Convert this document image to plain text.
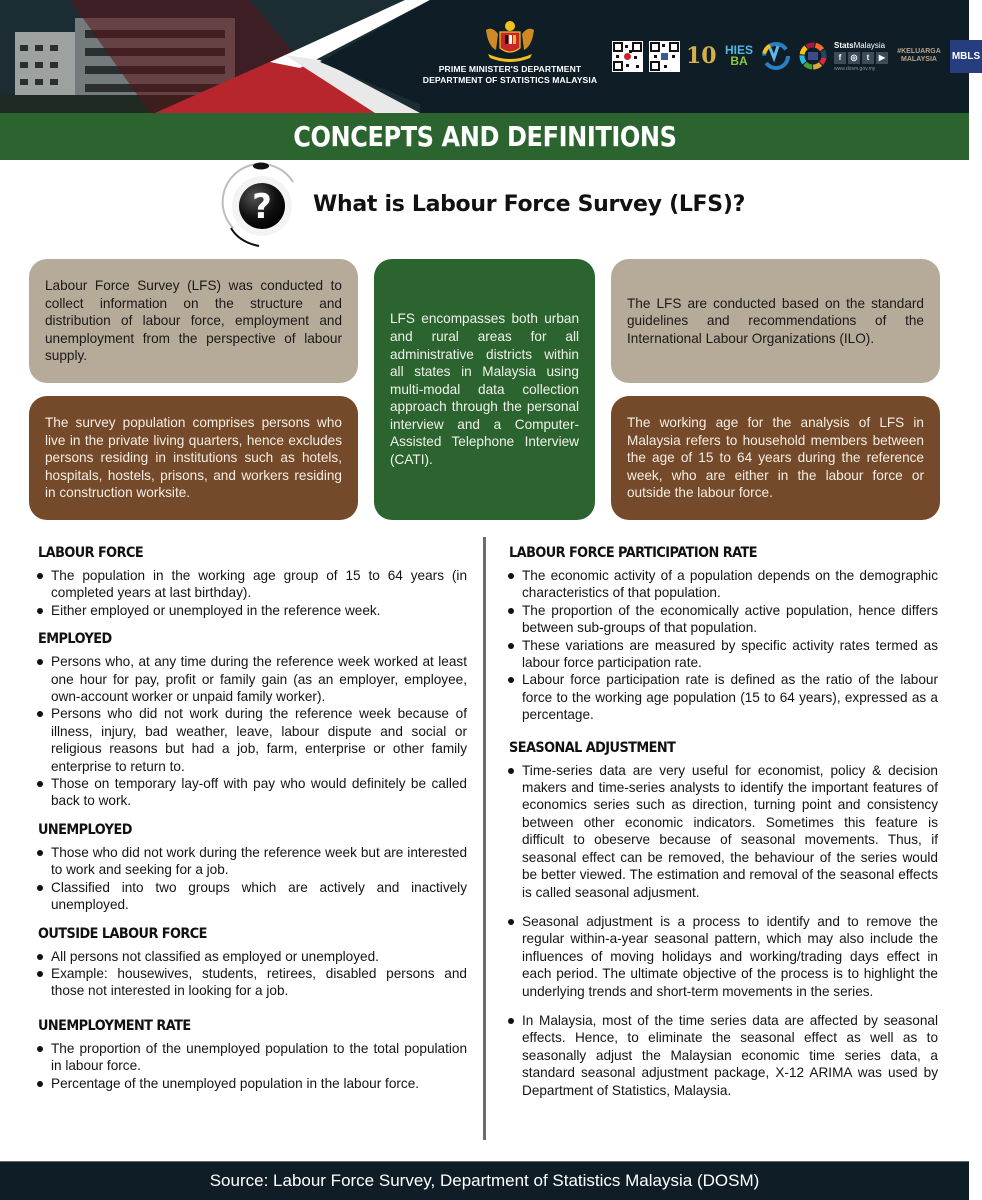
PRIME MINISTER'S DEPARTMENT
DEPARTMENT OF STATISTICS MALAYSIA
10 HIES
BA
StatsMalaysia
f	◎	t	▶
www.dosm.gov.my
#KELUARGA
MALAYSIA	MBLS
CONCEPTS AND DEFINITIONS
? What is Labour Force Survey (LFS)?

Labour Force Survey (LFS) was conducted to collect information on the structure and distribution of labour force, employment and unemployment from the perspective of labour supply.

The survey population comprises persons who live in the private living quarters, hence excludes persons residing in institutions such as hotels, hospitals, hostels, prisons, and workers residing in construction worksite.

LFS encompasses both urban and rural areas for all administrative districts within all states in Malaysia using multi-modal data collection approach through the personal interview and a Computer-Assisted Telephone Interview (CATI).

The LFS are conducted based on the standard guidelines and recommendations of the International Labour Organizations (ILO).

The working age for the analysis of LFS in Malaysia refers to household members between the age of 15 to 64 years during the reference week, who are either in the labour force or outside the labour force.

LABOUR FORCE
The population in the working age group of 15 to 64 years (in completed years at last birthday).
Either employed or unemployed in the reference week.
EMPLOYED
Persons who, at any time during the reference week worked at least one hour for pay, profit or family gain (as an employer, employee, own-account worker or unpaid family worker).
Persons who did not work during the reference week because of illness, injury, bad weather, leave, labour dispute and social or religious reasons but had a job, farm, enterprise or other family enterprise to return to.
Those on temporary lay-off with pay who would definitely be called back to work.
UNEMPLOYED
Those who did not work during the reference week but are interested to work and seeking for a job.
Classified into two groups which are actively and inactively unemployed.
OUTSIDE LABOUR FORCE
All persons not classified as employed or unemployed.
Example: housewives, students, retirees, disabled persons and those not interested in looking for a job.
UNEMPLOYMENT RATE
The proportion of the unemployed population to the total population in labour force.
Percentage of the unemployed population in the labour force.
LABOUR FORCE PARTICIPATION RATE
The economic activity of a population depends on the demographic characteristics of that population.
The proportion of the economically active population, hence differs between sub-groups of that population.
These variations are measured by specific activity rates termed as labour force participation rate.
Labour force participation rate is defined as the ratio of the labour force to the working age population (15 to 64 years), expressed as a percentage.
SEASONAL ADJUSTMENT
Time-series data are very useful for economist, policy & decision makers and time-series analysts to identify the important features of economics series such as direction, turning point and consistency between other economic indicators. Sometimes this feature is difficult to obeserve because of seasonal movements. Thus, if seasonal effect can be removed, the behaviour of the series would be better viewed. The estimation and removal of the seasonal effects is called seasonal adjusment.
Seasonal adjustment is a process to identify and to remove the regular within-a-year seasonal pattern, which may also include the influences of moving holidays and working/trading days effect in each period. The ultimate objective of the process is to highlight the underlying trends and short-term movements in the series.
In Malaysia, most of the time series data are affected by seasonal effects. Hence, to eliminate the seasonal effect as well as to seasonally adjust the Malaysian economic time series data, a standard seasonal adjustment package, X-12 ARIMA was used by Department of Statistics, Malaysia.
Source: Labour Force Survey, Department of Statistics Malaysia (DOSM)
